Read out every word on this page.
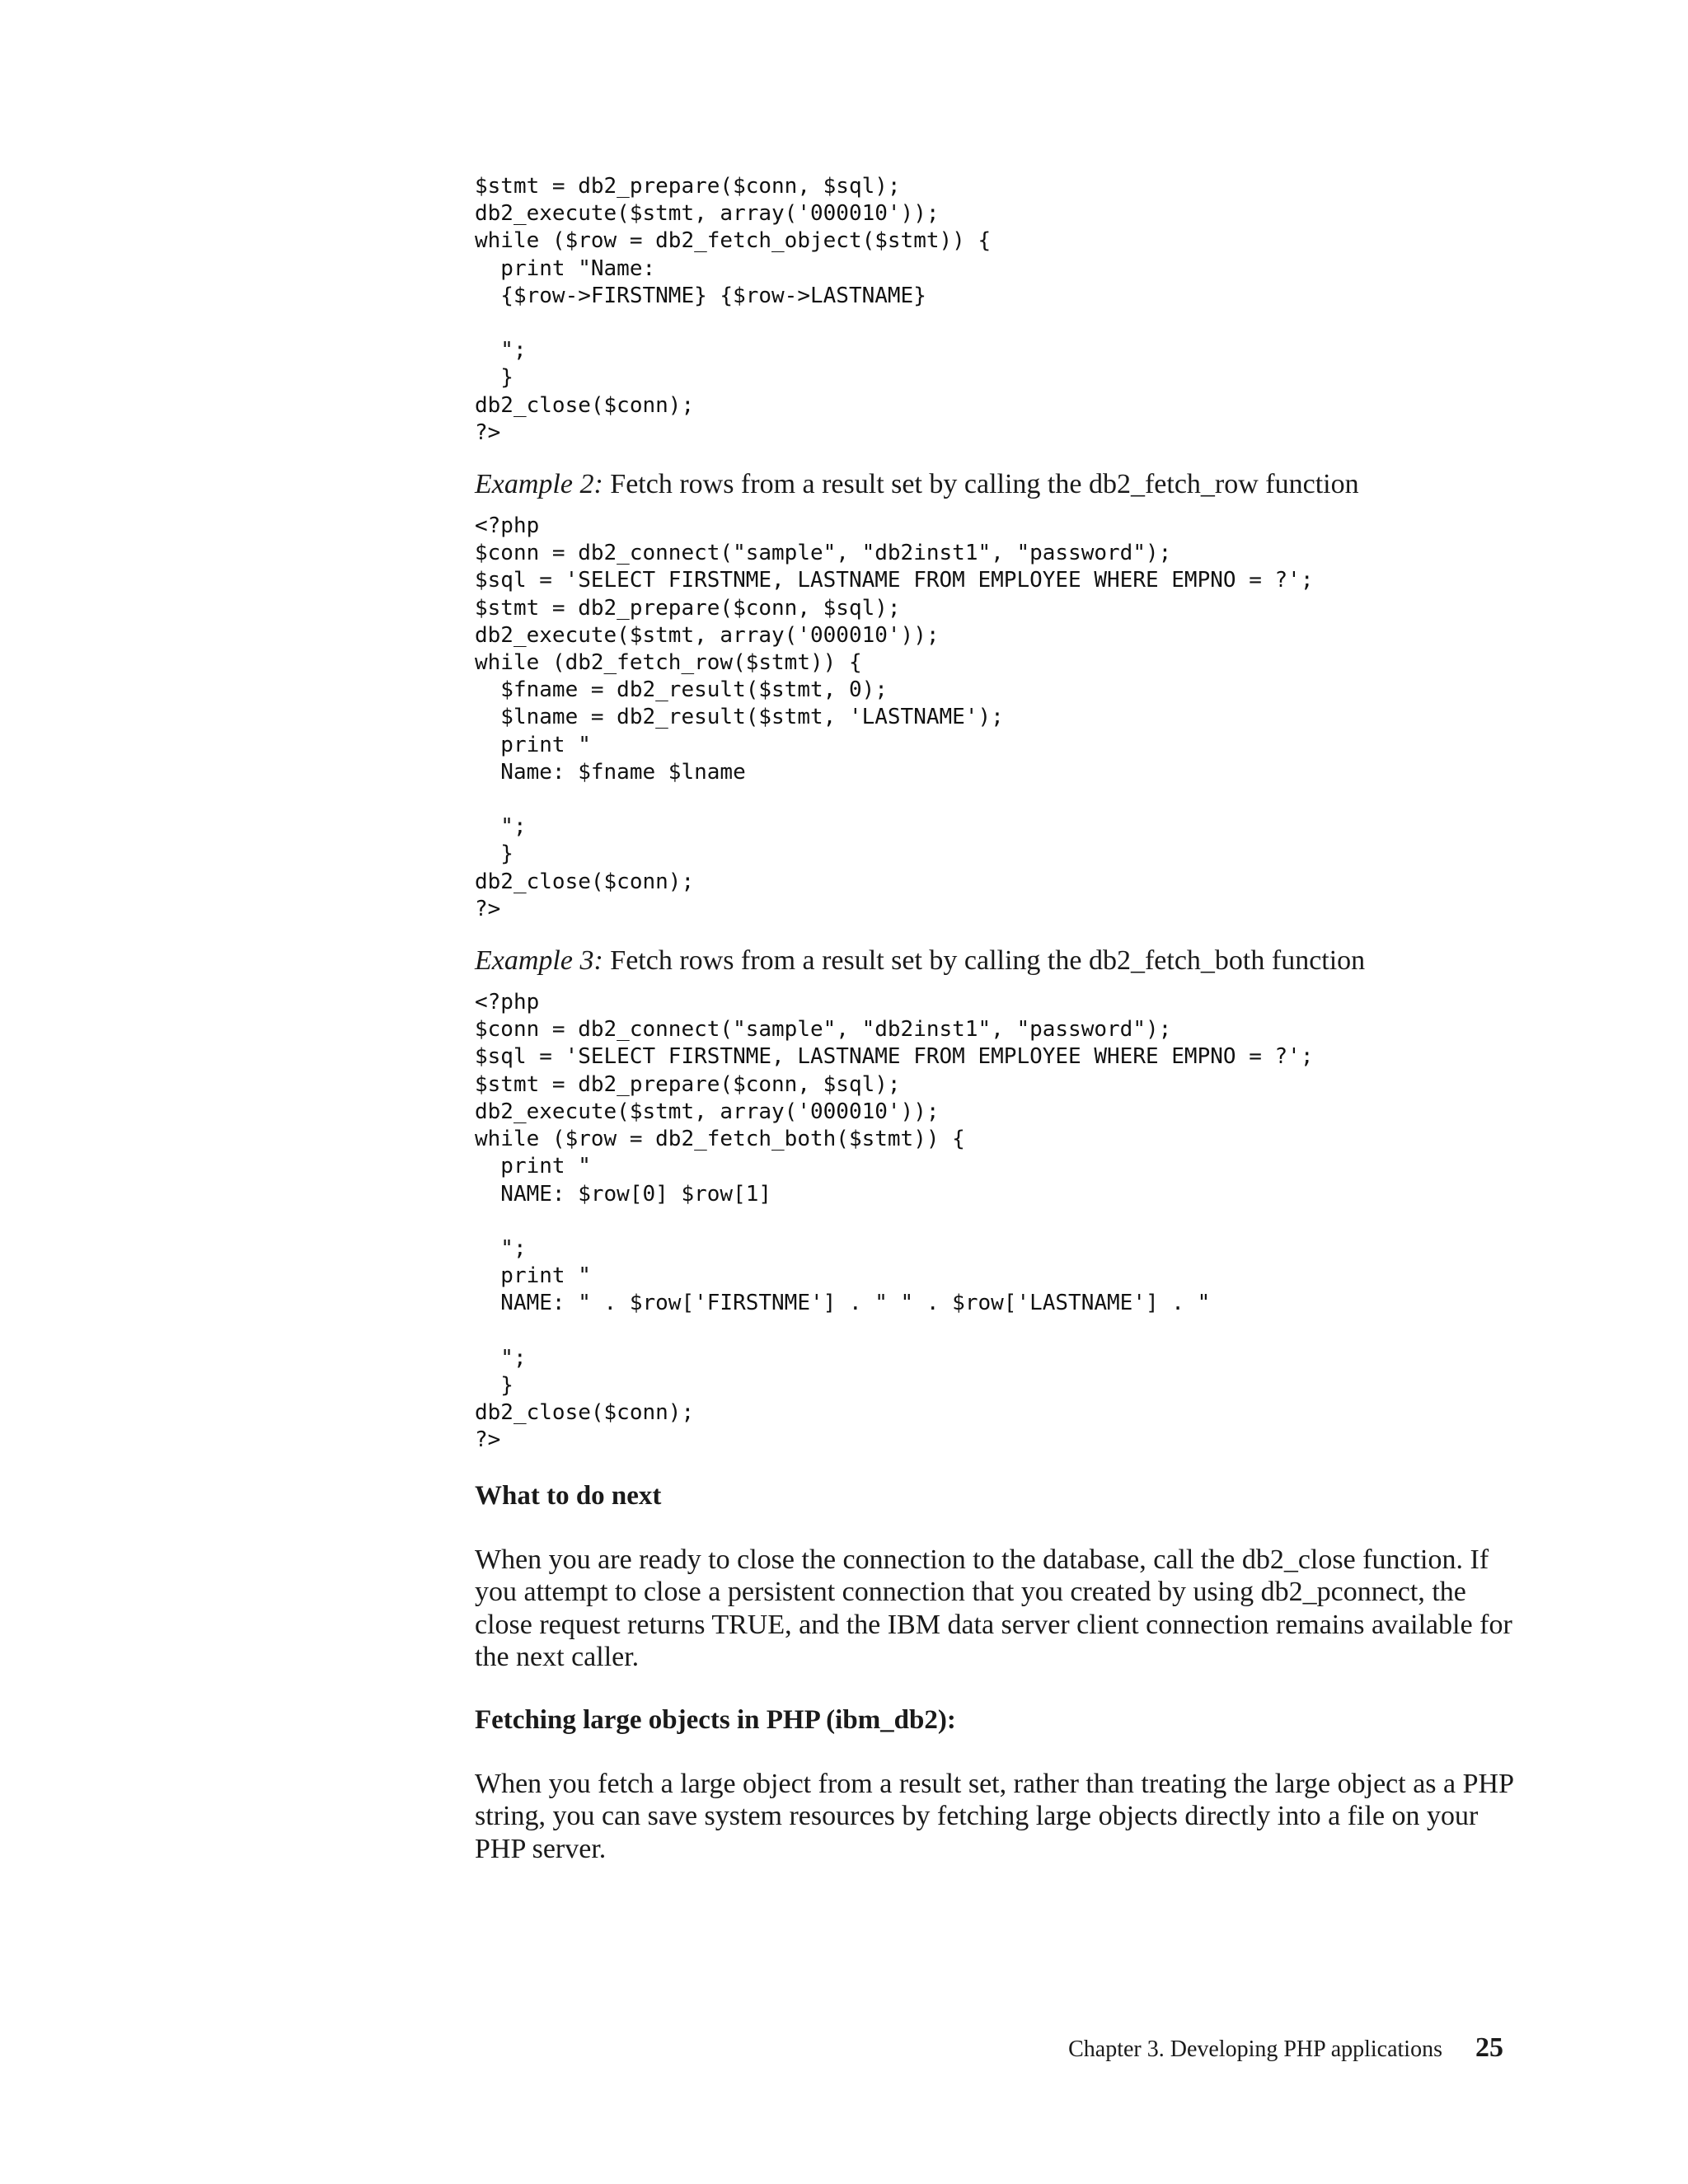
$stmt = db2_prepare($conn, $sql);
db2_execute($stmt, array('000010'));
while ($row = db2_fetch_object($stmt)) {
print "Name:
{$row->FIRSTNME} {$row->LASTNAME}

";
}
db2_close($conn);
?>
Example 2: Fetch rows from a result set by calling the db2_fetch_row function
<?php
$conn = db2_connect("sample", "db2inst1", "password");
$sql = 'SELECT FIRSTNME, LASTNAME FROM EMPLOYEE WHERE EMPNO = ?';
$stmt = db2_prepare($conn, $sql);
db2_execute($stmt, array('000010'));
while (db2_fetch_row($stmt)) {
$fname = db2_result($stmt, 0);
$lname = db2_result($stmt, 'LASTNAME');
print "
Name: $fname $lname

";
}
db2_close($conn);
?>
Example 3: Fetch rows from a result set by calling the db2_fetch_both function
<?php
$conn = db2_connect("sample", "db2inst1", "password");
$sql = 'SELECT FIRSTNME, LASTNAME FROM EMPLOYEE WHERE EMPNO = ?';
$stmt = db2_prepare($conn, $sql);
db2_execute($stmt, array('000010'));
while ($row = db2_fetch_both($stmt)) {
print "
NAME: $row[0] $row[1]

";
print "
NAME: " . $row['FIRSTNME'] . " " . $row['LASTNAME'] . "

";
}
db2_close($conn);
?>
What to do next

When you are ready to close the connection to the database, call the db2_close function. If you attempt to close a persistent connection that you created by using db2_pconnect, the close request returns TRUE, and the IBM data server client connection remains available for the next caller.

Fetching large objects in PHP (ibm_db2):

When you fetch a large object from a result set, rather than treating the large object as a PHP string, you can save system resources by fetching large objects directly into a file on your PHP server.

Chapter 3. Developing PHP applications 25
